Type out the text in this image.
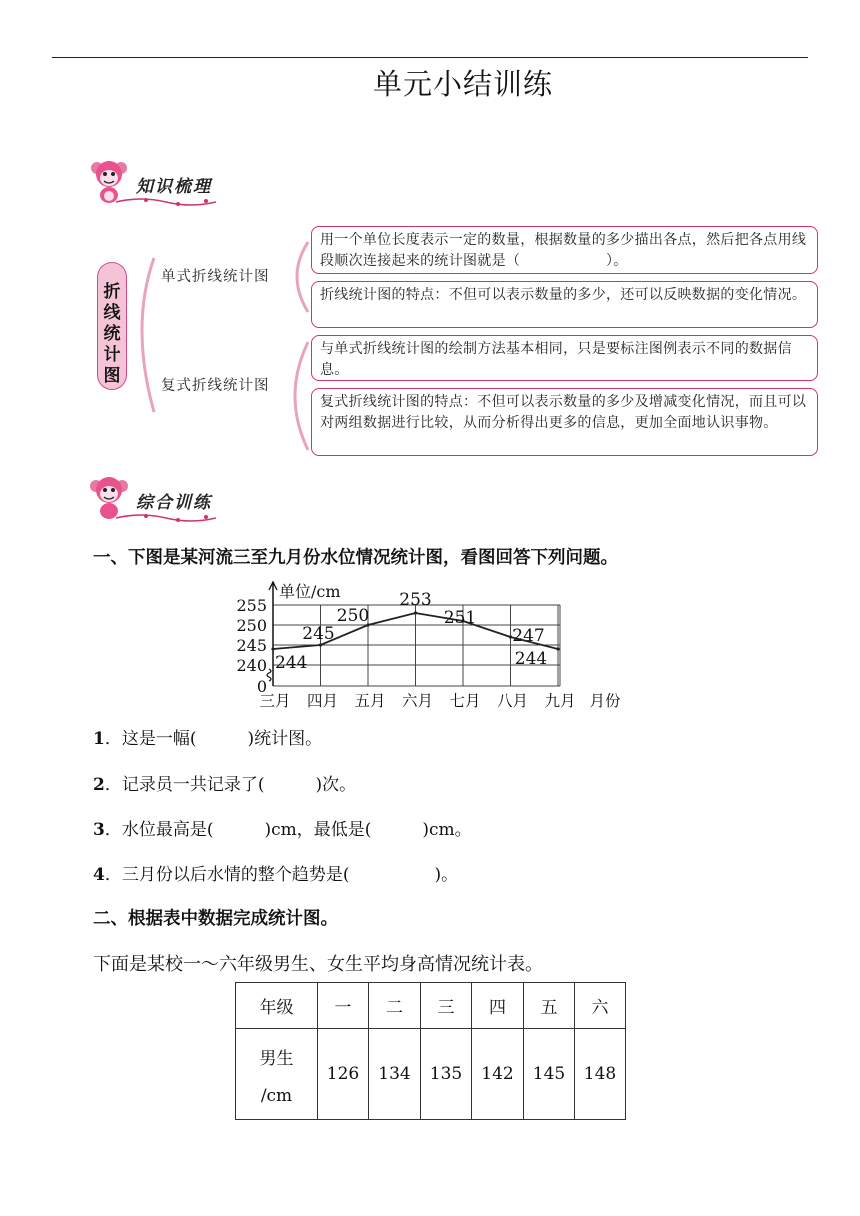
单元小结训练
知识梳理
折线统计图
单式折线统计图
复式折线统计图
用一个单位长度表示一定的数量，根据数量的多少描出各点，然后把各点用线段顺次连接起来的统计图就是（　　　　　　）。
折线统计图的特点：不但可以表示数量的多少，还可以反映数据的变化情况。
与单式折线统计图的绘制方法基本相同，只是要标注图例表示不同的数据信息。
复式折线统计图的特点：不但可以表示数量的多少及增减变化情况，而且可以对两组数据进行比较，从而分析得出更多的信息，更加全面地认识事物。
综合训练
一、下图是某河流三至九月份水位情况统计图，看图回答下列问题。
0
240
245
250
255
单位/cm
三月 四月 五月 六月 七月 八月 九月 月份
244
245
250
253
251
247
244
1．这是一幅(　　　)统计图。
2．记录员一共记录了(　　　)次。
3．水位最高是(　　　)cm，最低是(　　　)cm。
4．三月份以后水情的整个趋势是(　　　　　)。
二、根据表中数据完成统计图。
下面是某校一～六年级男生、女生平均身高情况统计表。
年级	一	二	三	四	五	六

男生
/cm	126	134	135	142	145	148
